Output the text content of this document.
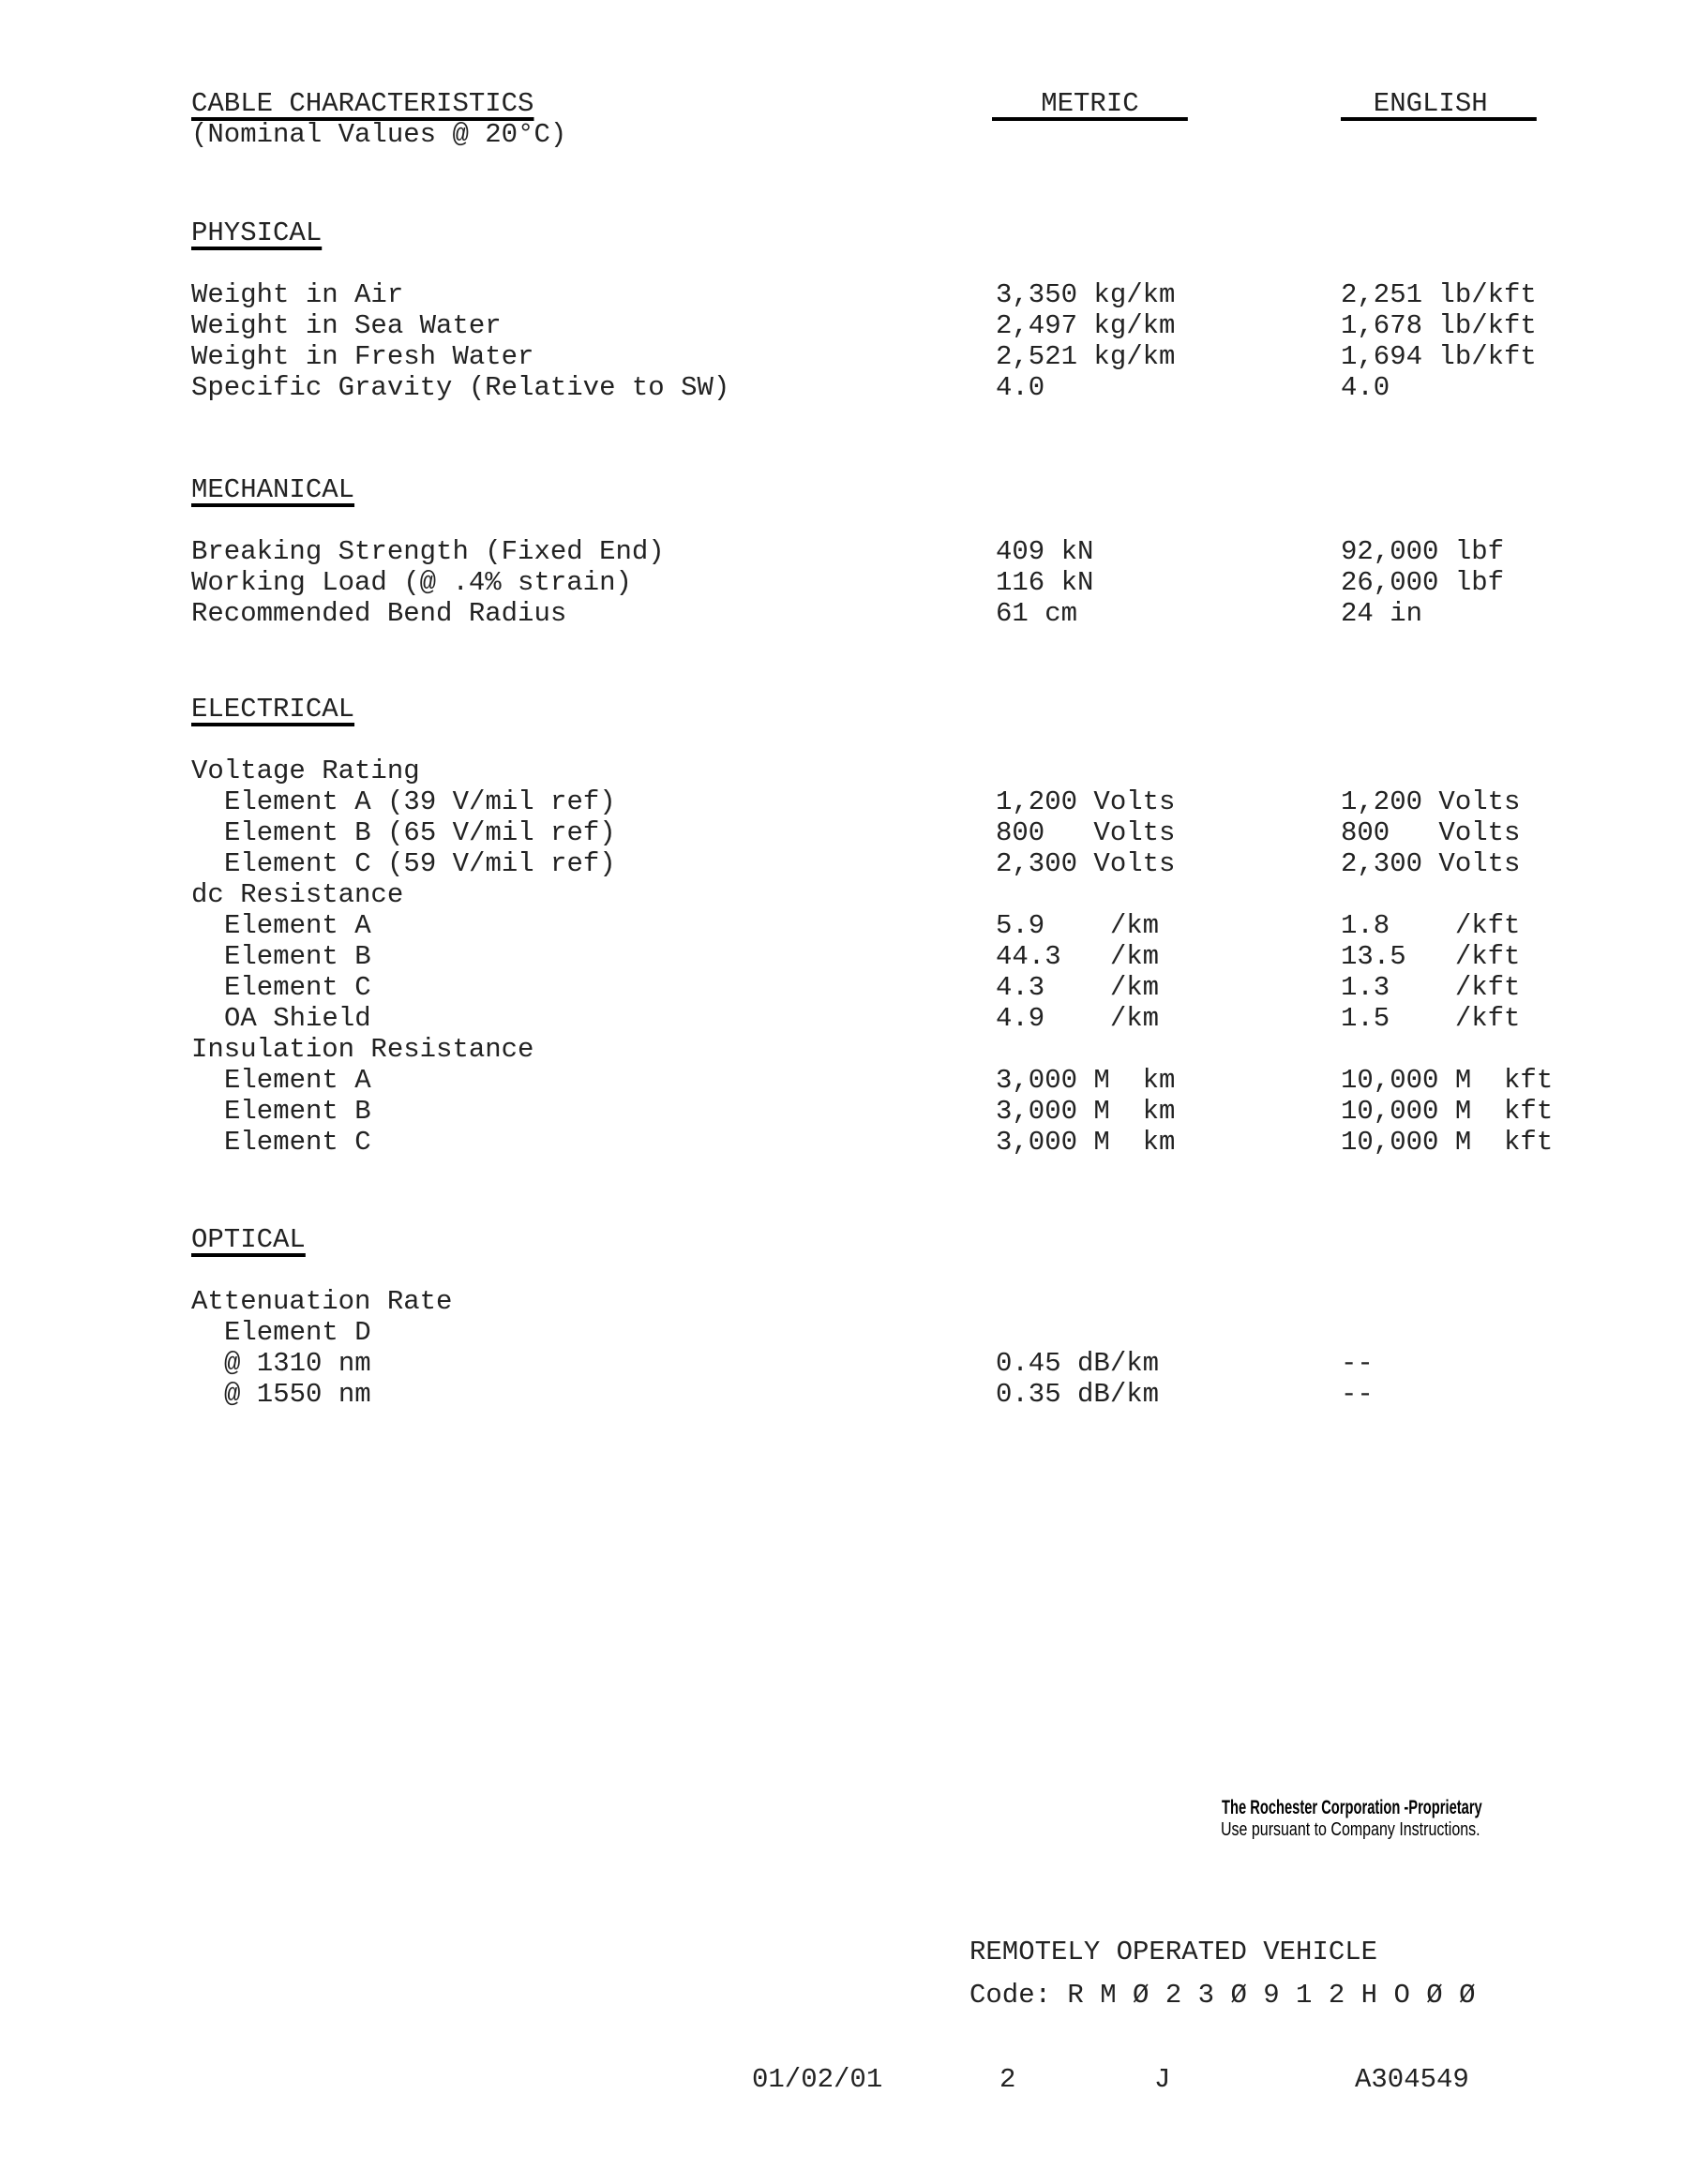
CABLE CHARACTERISTICS	METRIC	ENGLISH
(Nominal Values @ 20°C)
PHYSICAL
Weight in Air	3,350 kg/km	2,251 lb/kft
Weight in Sea Water	2,497 kg/km	1,678 lb/kft
Weight in Fresh Water	2,521 kg/km	1,694 lb/kft
Specific Gravity (Relative to SW)	4.0	4.0
MECHANICAL
Breaking Strength (Fixed End)	409 kN	92,000 lbf
Working Load (@ .4% strain)	116 kN	26,000 lbf
Recommended Bend Radius	61 cm	24 in
ELECTRICAL
Voltage Rating
Element A (39 V/mil ref)	1,200 Volts	1,200 Volts
Element B (65 V/mil ref)	800   Volts	800   Volts
Element C (59 V/mil ref)	2,300 Volts	2,300 Volts
dc Resistance
Element A	5.9    /km	1.8    /kft
Element B	44.3   /km	13.5   /kft
Element C	4.3    /km	1.3    /kft
OA Shield	4.9    /km	1.5    /kft
Insulation Resistance
Element A	3,000 M  km	10,000 M  kft
Element B	3,000 M  km	10,000 M  kft
Element C	3,000 M  km	10,000 M  kft
OPTICAL
Attenuation Rate
Element D
@ 1310 nm	0.45 dB/km	--
@ 1550 nm	0.35 dB/km	--
The Rochester Corporation -Proprietary
Use pursuant to Company Instructions.
REMOTELY OPERATED VEHICLE
Code: R M Ø 2 3 Ø 9 1 2 H O Ø Ø
01/02/01	2	J	A304549
